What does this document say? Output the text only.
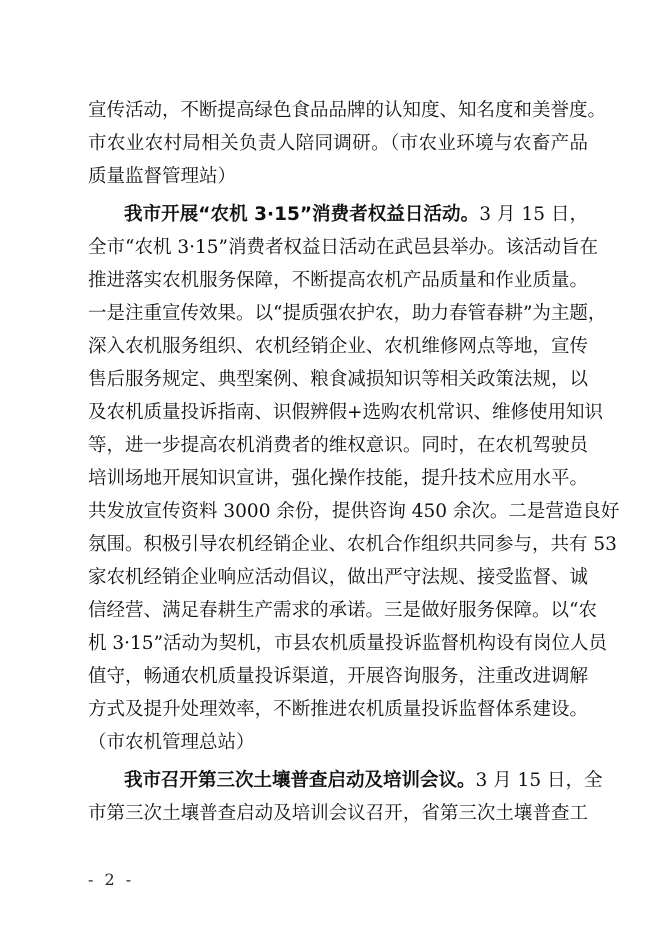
宣传活动，不断提高绿色食品品牌的认知度、知名度和美誉度。
市农业农村局相关负责人陪同调研。（市农业环境与农畜产品
质量监督管理站）
我市开展“农机 3·15”消费者权益日活动。3 月 15 日，
全市“农机 3·15”消费者权益日活动在武邑县举办。该活动旨在
推进落实农机服务保障，不断提高农机产品质量和作业质量。
一是注重宣传效果。以“提质强农护农，助力春管春耕”为主题，
深入农机服务组织、农机经销企业、农机维修网点等地，宣传
售后服务规定、典型案例、粮食减损知识等相关政策法规，以
及农机质量投诉指南、识假辨假+选购农机常识、维修使用知识
等，进一步提高农机消费者的维权意识。同时，在农机驾驶员
培训场地开展知识宣讲，强化操作技能，提升技术应用水平。
共发放宣传资料 3000 余份，提供咨询 450 余次。二是营造良好
氛围。积极引导农机经销企业、农机合作组织共同参与，共有 53
家农机经销企业响应活动倡议，做出严守法规、接受监督、诚
信经营、满足春耕生产需求的承诺。三是做好服务保障。以“农
机 3·15”活动为契机，市县农机质量投诉监督机构设有岗位人员
值守，畅通农机质量投诉渠道，开展咨询服务，注重改进调解
方式及提升处理效率，不断推进农机质量投诉监督体系建设。
（市农机管理总站）
我市召开第三次土壤普查启动及培训会议。3 月 15 日，全
市第三次土壤普查启动及培训会议召开，省第三次土壤普查工
- 2 -
